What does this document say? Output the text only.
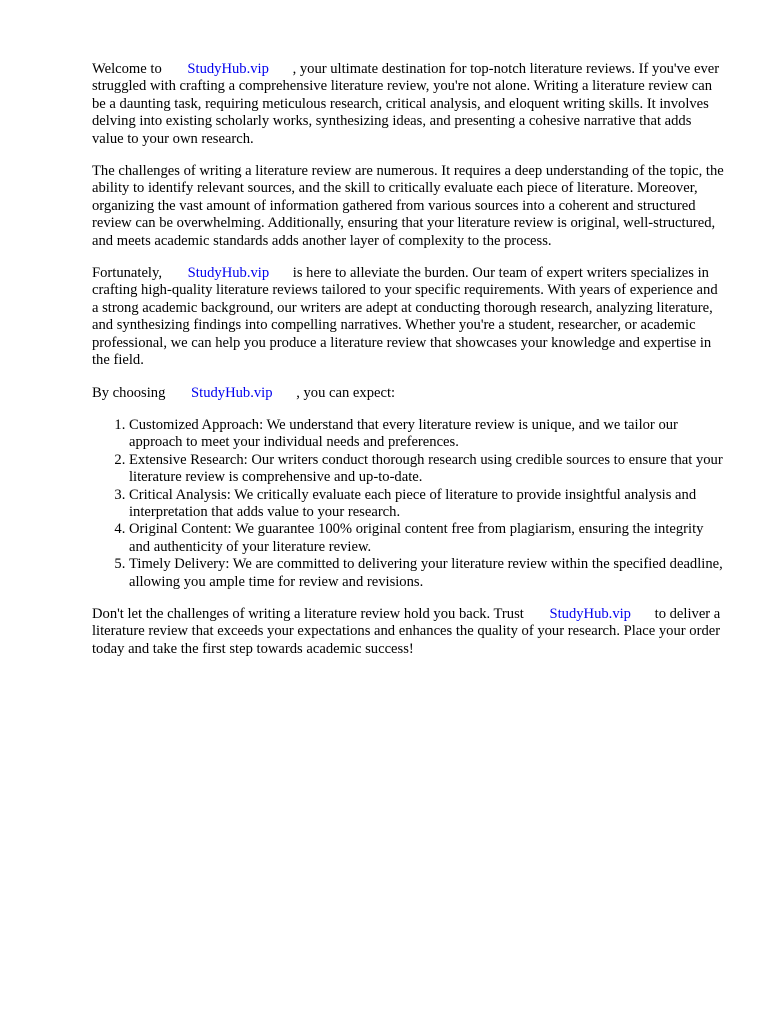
Welcome to StudyHub.vip , your ultimate destination for top-notch literature reviews. If you've ever struggled with crafting a comprehensive literature review, you're not alone. Writing a literature review can be a daunting task, requiring meticulous research, critical analysis, and eloquent writing skills. It involves delving into existing scholarly works, synthesizing ideas, and presenting a cohesive narrative that adds value to your own research.

The challenges of writing a literature review are numerous. It requires a deep understanding of the topic, the ability to identify relevant sources, and the skill to critically evaluate each piece of literature. Moreover, organizing the vast amount of information gathered from various sources into a coherent and structured review can be overwhelming. Additionally, ensuring that your literature review is original, well-structured, and meets academic standards adds another layer of complexity to the process.

Fortunately, StudyHub.vip is here to alleviate the burden. Our team of expert writers specializes in crafting high-quality literature reviews tailored to your specific requirements. With years of experience and a strong academic background, our writers are adept at conducting thorough research, analyzing literature, and synthesizing findings into compelling narratives. Whether you're a student, researcher, or academic professional, we can help you produce a literature review that showcases your knowledge and expertise in the field.

By choosing StudyHub.vip , you can expect:

1. Customized Approach: We understand that every literature review is unique, and we tailor our approach to meet your individual needs and preferences.
2. Extensive Research: Our writers conduct thorough research using credible sources to ensure that your literature review is comprehensive and up-to-date.
3. Critical Analysis: We critically evaluate each piece of literature to provide insightful analysis and interpretation that adds value to your research.
4. Original Content: We guarantee 100% original content free from plagiarism, ensuring the integrity and authenticity of your literature review.
5. Timely Delivery: We are committed to delivering your literature review within the specified deadline, allowing you ample time for review and revisions.

Don't let the challenges of writing a literature review hold you back. Trust StudyHub.vip to deliver a literature review that exceeds your expectations and enhances the quality of your research. Place your order today and take the first step towards academic success!
